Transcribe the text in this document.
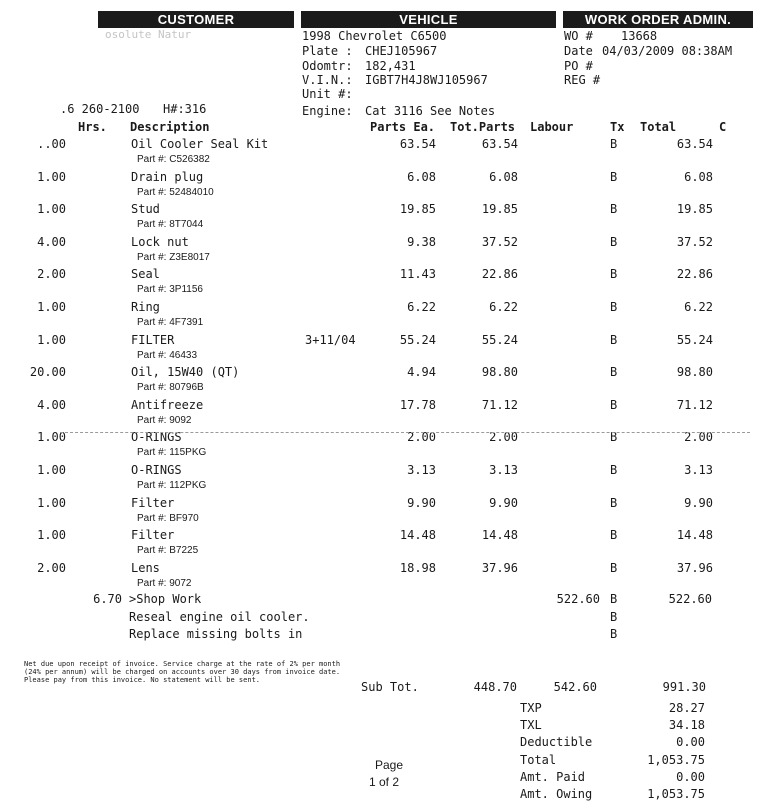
CUSTOMER	VEHICLE	WORK ORDER ADMIN.
osolute Natur
.6 260-2100 H#:316
1998 Chevrolet C6500
Plate : CHEJ105967
Odomtr: 182,431
V.I.N.: IGBT7H4J8WJ105967
Unit #:
Engine: Cat 3116 See Notes
WO # 13668
Date 04/03/2009 08:38AM
PO #
REG #
Hrs. Description	Parts Ea. Tot.Parts Labour	Tx Total	C
..00	Oil Cooler Seal Kit	63.54	63.54	B	63.54
Part #: C526382
1.00	Drain plug	6.08	6.08	B	6.08
Part #: 52484010
1.00	Stud	19.85	19.85	B	19.85
Part #: 8T7044
4.00	Lock nut	9.38	37.52	B	37.52
Part #: Z3E8017
2.00	Seal	11.43	22.86	B	22.86
Part #: 3P1156
1.00	Ring	6.22	6.22	B	6.22
Part #: 4F7391
1.00	FILTER	3+11/04	55.24	55.24	B	55.24
Part #: 46433
20.00	Oil, 15W40 (QT)	4.94	98.80	B	98.80
Part #: 80796B
4.00	Antifreeze	17.78	71.12	B	71.12
Part #: 9092
1.00	O-RINGS	2.00	2.00	B	2.00
Part #: 115PKG
1.00	O-RINGS	3.13	3.13	B	3.13
Part #: 112PKG
1.00	Filter	9.90	9.90	B	9.90
Part #: BF970
1.00	Filter	14.48	14.48	B	14.48
Part #: B7225
2.00	Lens	18.98	37.96	B	37.96
Part #: 9072
6.70 >Shop Work	522.60 B	522.60
Reseal engine oil cooler.	B
Replace missing bolts in	B
Net due upon receipt of invoice. Service charge at the rate of 2% per month (24% per annum) will be charged on accounts over 30 days from invoice date. Please pay from this invoice. No statement will be sent.	Sub Tot.	448.70	542.60	991.30
TXP	28.27
TXL	34.18
Deductible	0.00
Total	1,053.75
Amt. Paid	0.00
Amt. Owing	1,053.75
Page
1 of 2
